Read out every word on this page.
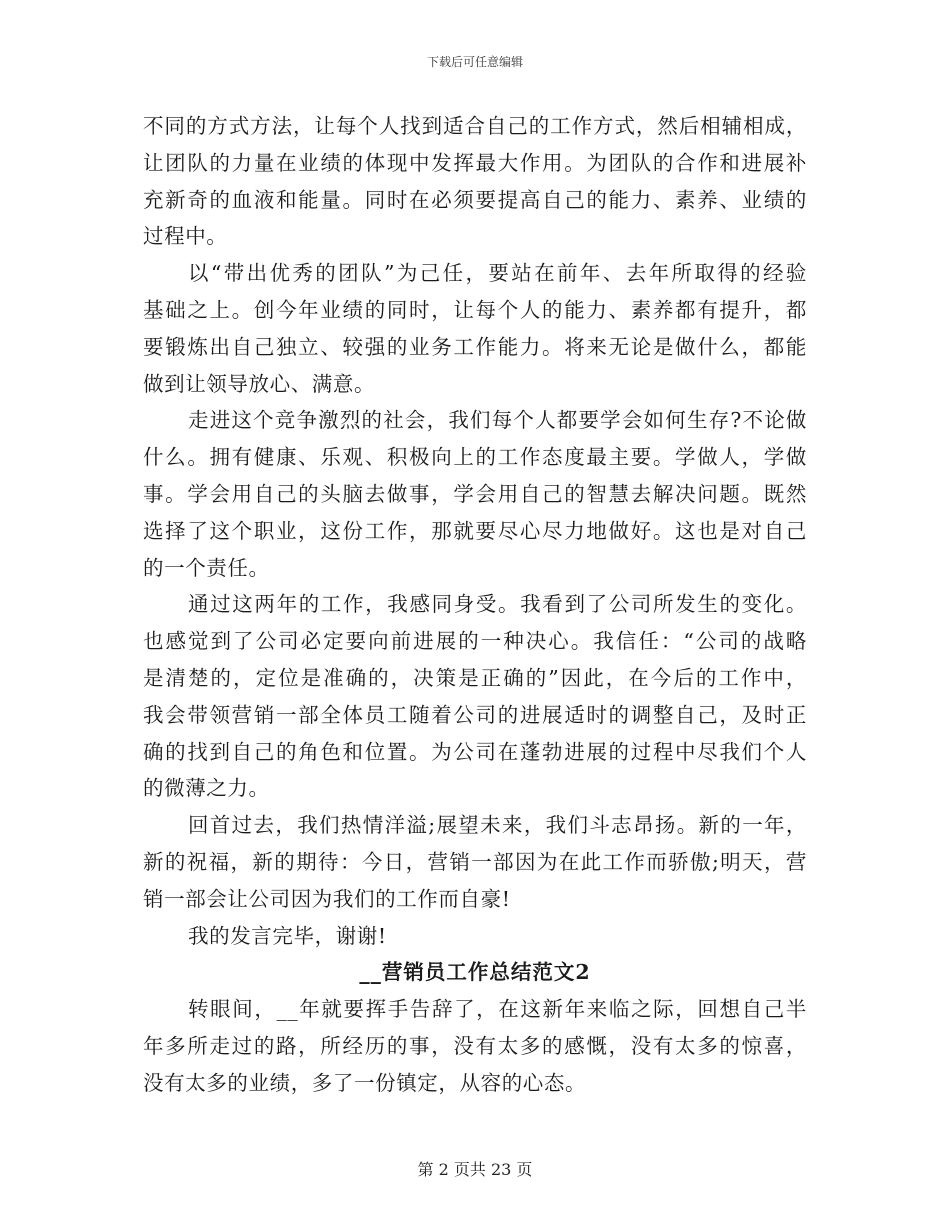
下载后可任意编辑
不同的方式方法，让每个人找到适合自己的工作方式，然后相辅相成，
让团队的力量在业绩的体现中发挥最大作用。为团队的合作和进展补
充新奇的血液和能量。同时在必须要提高自己的能力、素养、业绩的
过程中。
以“带出优秀的团队”为己任，要站在前年、去年所取得的经验
基础之上。创今年业绩的同时，让每个人的能力、素养都有提升，都
要锻炼出自己独立、较强的业务工作能力。将来无论是做什么，都能
做到让领导放心、满意。
走进这个竞争激烈的社会，我们每个人都要学会如何生存?不论做
什么。拥有健康、乐观、积极向上的工作态度最主要。学做人，学做
事。学会用自己的头脑去做事，学会用自己的智慧去解决问题。既然
选择了这个职业，这份工作，那就要尽心尽力地做好。这也是对自己
的一个责任。
通过这两年的工作，我感同身受。我看到了公司所发生的变化。
也感觉到了公司必定要向前进展的一种决心。我信任：“公司的战略
是清楚的，定位是准确的，决策是正确的”因此，在今后的工作中，
我会带领营销一部全体员工随着公司的进展适时的调整自己，及时正
确的找到自己的角色和位置。为公司在蓬勃进展的过程中尽我们个人
的微薄之力。
回首过去，我们热情洋溢;展望未来，我们斗志昂扬。新的一年，
新的祝福，新的期待：今日，营销一部因为在此工作而骄傲;明天，营
销一部会让公司因为我们的工作而自豪!
我的发言完毕，谢谢!
__营销员工作总结范文2
转眼间，__年就要挥手告辞了，在这新年来临之际，回想自己半
年多所走过的路，所经历的事，没有太多的感慨，没有太多的惊喜，
没有太多的业绩，多了一份镇定，从容的心态。
第 2 页共 23 页
